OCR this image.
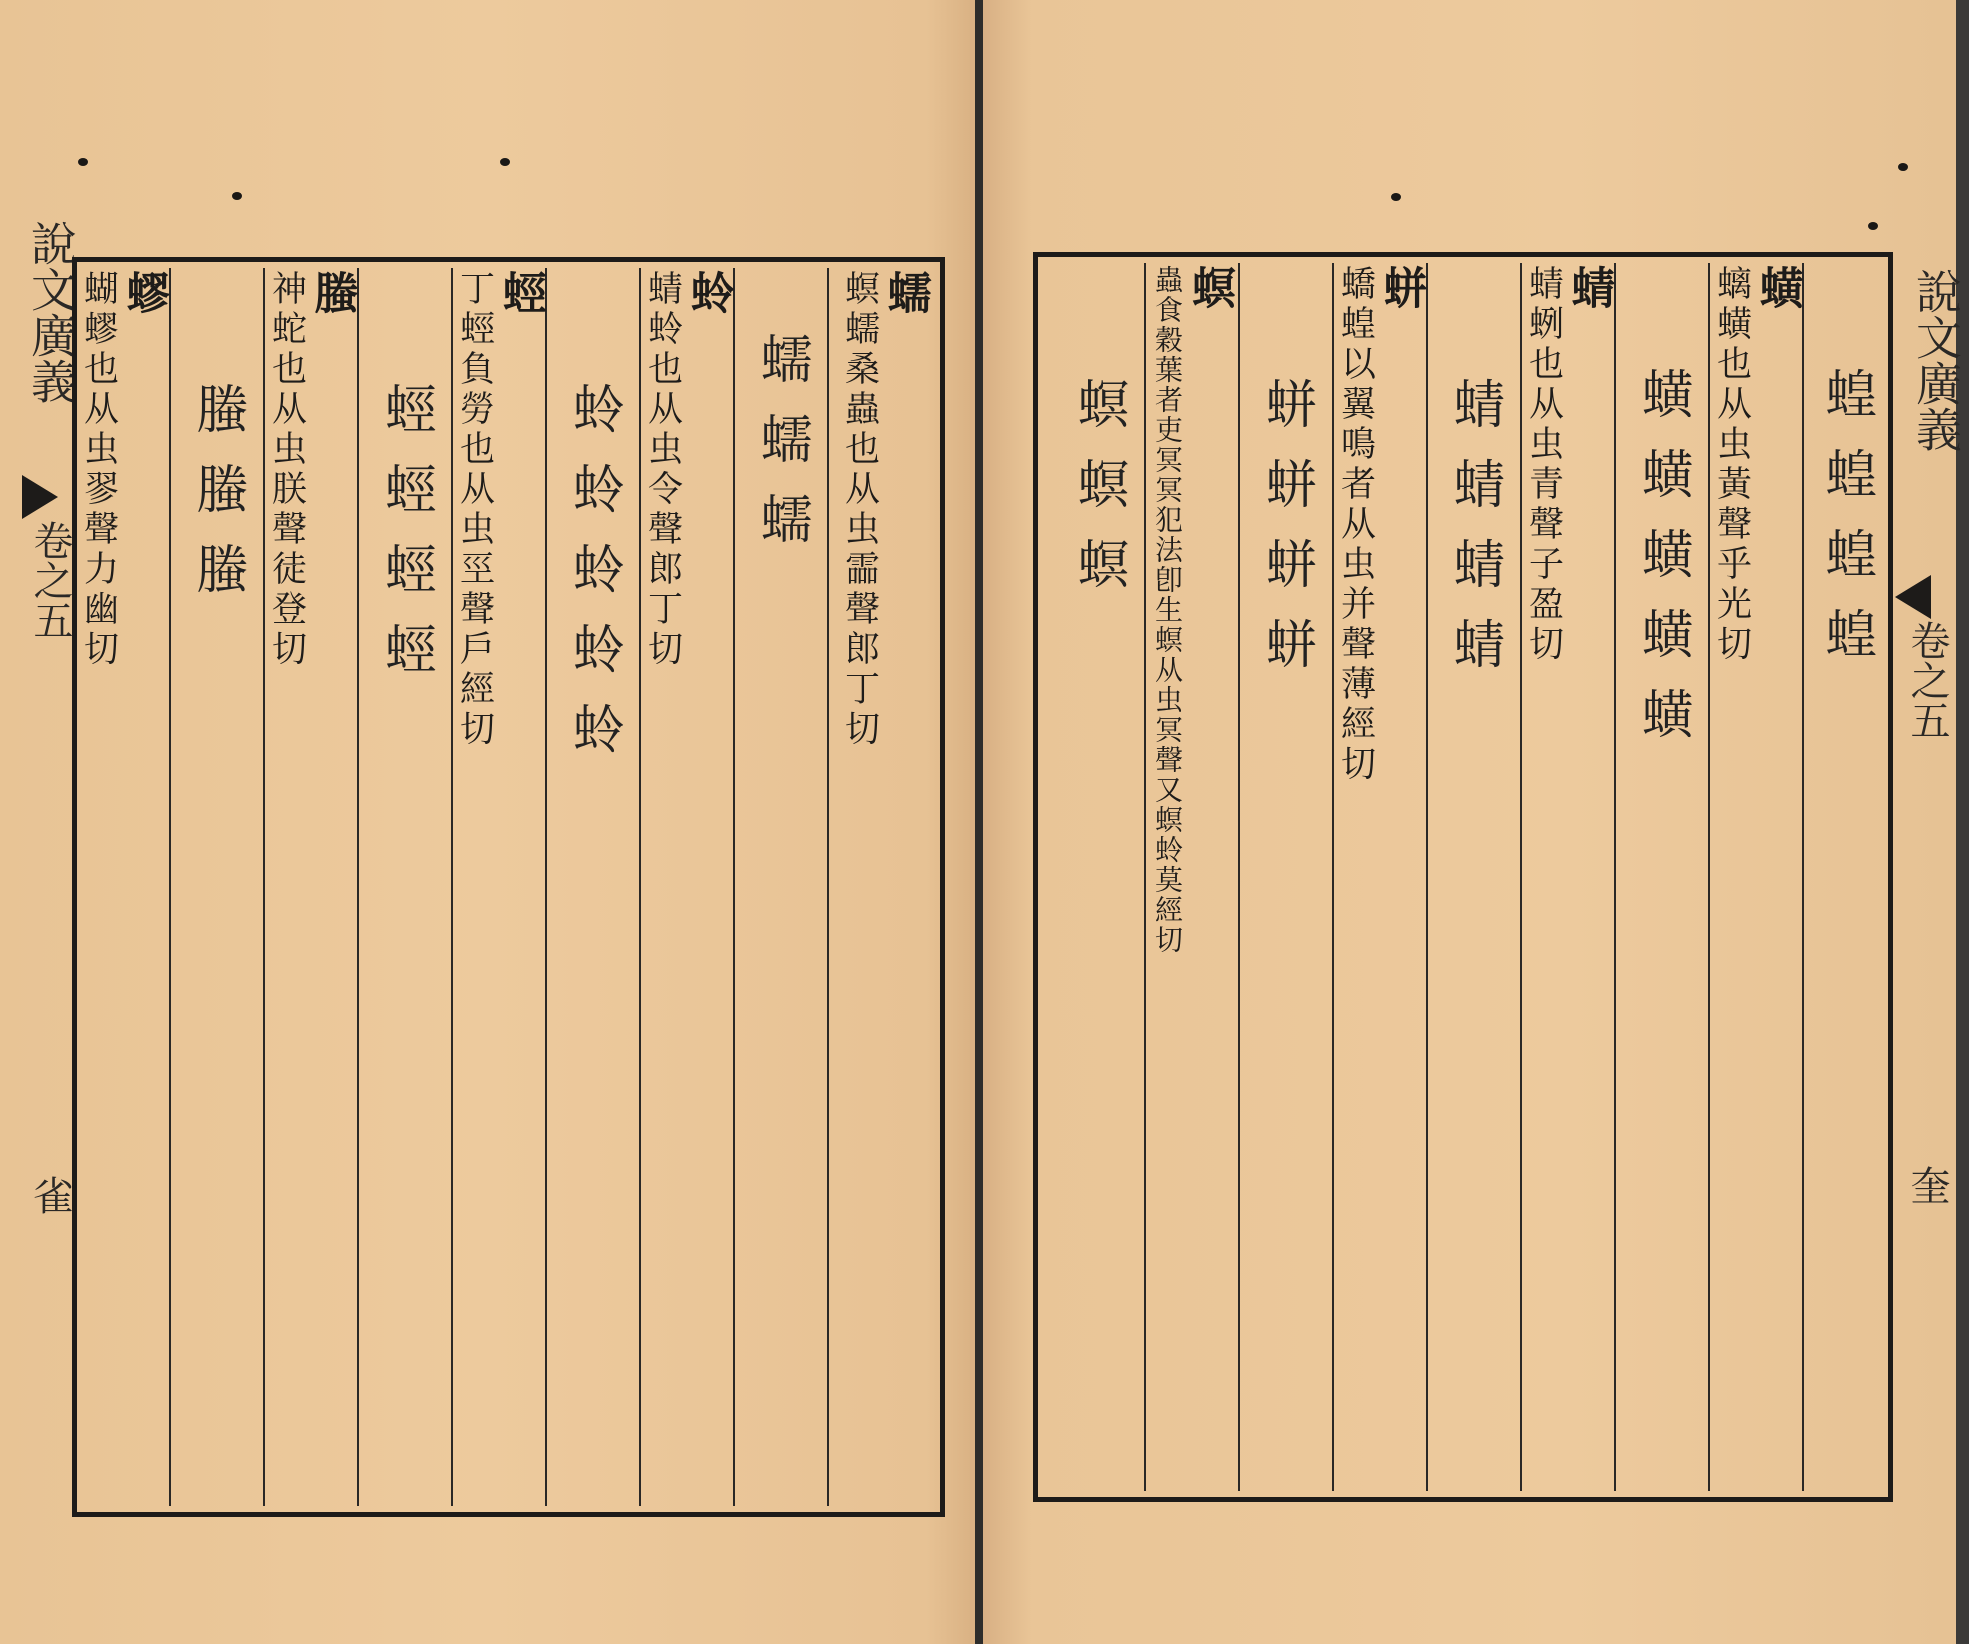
說文廣義
卷之五
雀
蠕
螟蠕桑蟲也从虫霝聲郎丁切
蠕蠕蠕
蛉
蜻蛉也从虫令聲郎丁切
蛉蛉蛉蛉蛉
蛵
丁蛵負勞也从虫巠聲戶經切
蛵蛵蛵蛵
螣
神蛇也从虫朕聲徒登切
螣螣螣
蟉
蝴蟉也从虫翏聲力幽切	說文廣義
卷之五
奎
蝗蝗蝗蝗
蟥
螭蟥也从虫黃聲乎光切
蟥蟥蟥蟥蟥
蜻
蜻蛚也从虫青聲子盈切
蜻蜻蜻蜻
蛢
蟜蝗以翼鳴者从虫并聲薄經切
蛢蛢蛢蛢
螟
蟲食穀葉者吏冥冥犯法卽生螟从虫冥聲又螟蛉莫經切
螟螟螟
